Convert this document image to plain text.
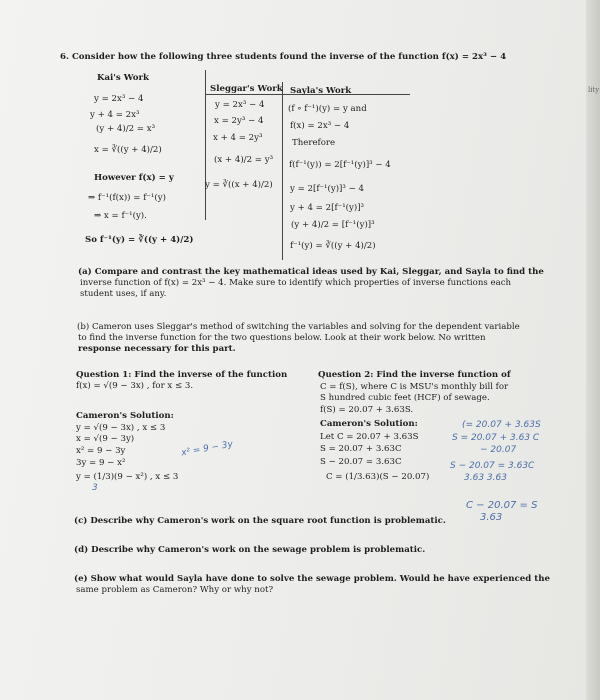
lity
6. Consider how the following three students found the inverse of the function f(x) = 2x³ − 4
Kai's Work
y = 2x³ − 4
y + 4 = 2x³
(y + 4)/2 = x³
x = ∛((y + 4)/2)
However f(x) = y
⇒ f⁻¹(f(x)) = f⁻¹(y)
⇒ x = f⁻¹(y).
So f⁻¹(y) = ∛((y + 4)/2)
Sleggar's Work
y = 2x³ − 4
x = 2y³ − 4
x + 4 = 2y³
(x + 4)/2 = y³
y = ∛((x + 4)/2)
Sayla's Work
(f ∘ f⁻¹)(y) = y and
f(x) = 2x³ − 4
Therefore
f(f⁻¹(y)) = 2[f⁻¹(y)]³ − 4
y = 2[f⁻¹(y)]³ − 4
y + 4 = 2[f⁻¹(y)]³
(y + 4)/2 = [f⁻¹(y)]³
f⁻¹(y) = ∛((y + 4)/2)
(a) Compare and contrast the key mathematical ideas used by Kai, Sleggar, and Sayla to find the
inverse function of f(x) = 2x³ − 4. Make sure to identify which properties of inverse functions each
student uses, if any.
(b) Cameron uses Sleggar's method of switching the variables and solving for the dependent variable
to find the inverse function for the two questions below. Look at their work below. No written
response necessary for this part.
Question 1: Find the inverse of the function
f(x) = √(9 − 3x) , for x ≤ 3.
Cameron's Solution:
y = √(9 − 3x) , x ≤ 3
x = √(9 − 3y)
x² = 9 − 3y
3y = 9 − x²
y = (1/3)(9 − x²) , x ≤ 3
Question 2: Find the inverse function of
C = f(S), where C is MSU's monthly bill for
S hundred cubic feet (HCF) of sewage.
f(S) = 20.07 + 3.63S.
Cameron's Solution:
Let C = 20.07 + 3.63S
S = 20.07 + 3.63C
S − 20.07 = 3.63C
C = (1/3.63)(S − 20.07)
(c) Describe why Cameron's work on the square root function is problematic.
(d) Describe why Cameron's work on the sewage problem is problematic.
(e) Show what would Sayla have done to solve the sewage problem. Would he have experienced the
same problem as Cameron? Why or why not?
x² = 9 − 3y
3
(= 20.07 + 3.63S
S = 20.07 + 3.63 C
− 20.07
S − 20.07 = 3.63C
3.63 3.63
C − 20.07 = S
3.63
